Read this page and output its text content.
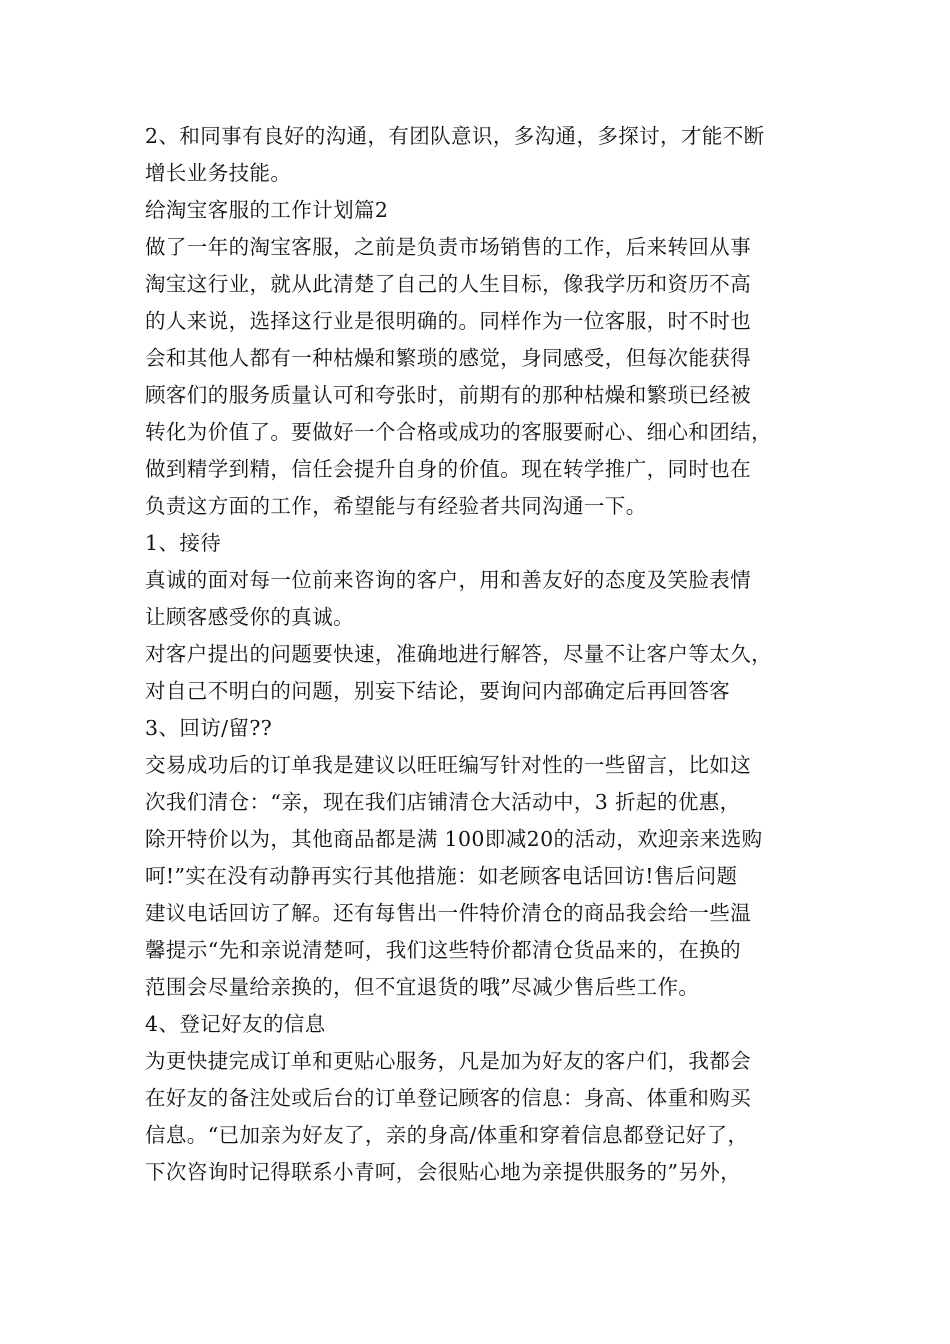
2、和同事有良好的沟通，有团队意识，多沟通，多探讨，才能不断
增长业务技能。
给淘宝客服的工作计划篇2
做了一年的淘宝客服，之前是负责市场销售的工作，后来转回从事
淘宝这行业，就从此清楚了自己的人生目标，像我学历和资历不高
的人来说，选择这行业是很明确的。同样作为一位客服，时不时也
会和其他人都有一种枯燥和繁琐的感觉，身同感受，但每次能获得
顾客们的服务质量认可和夸张时，前期有的那种枯燥和繁琐已经被
转化为价值了。要做好一个合格或成功的客服要耐心、细心和团结，
做到精学到精，信任会提升自身的价值。现在转学推广，同时也在
负责这方面的工作，希望能与有经验者共同沟通一下。
1、接待
真诚的面对每一位前来咨询的客户，用和善友好的态度及笑脸表情
让顾客感受你的真诚。
对客户提出的问题要快速，准确地进行解答，尽量不让客户等太久，
对自己不明白的问题，别妄下结论，要询问内部确定后再回答客
3、回访/留??
交易成功后的订单我是建议以旺旺编写针对性的一些留言，比如这
次我们清仓：“亲，现在我们店铺清仓大活动中，3 折起的优惠，
除开特价以为，其他商品都是满 100即减20的活动，欢迎亲来选购
呵!”实在没有动静再实行其他措施：如老顾客电话回访!售后问题
建议电话回访了解。还有每售出一件特价清仓的商品我会给一些温
馨提示“先和亲说清楚呵，我们这些特价都清仓货品来的，在换的
范围会尽量给亲换的，但不宜退货的哦”尽减少售后些工作。
4、登记好友的信息
为更快捷完成订单和更贴心服务，凡是加为好友的客户们，我都会
在好友的备注处或后台的订单登记顾客的信息：身高、体重和购买
信息。“已加亲为好友了，亲的身高/体重和穿着信息都登记好了，
下次咨询时记得联系小青呵，会很贴心地为亲提供服务的”另外，
